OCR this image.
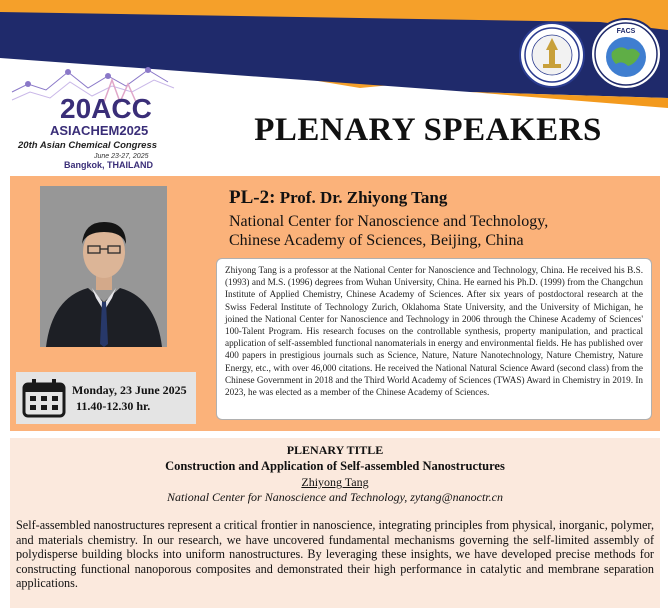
FACS
20ACC
ASIACHEM2025
20th Asian Chemical Congress
June 23-27, 2025
Bangkok, THAILAND
PLENARY SPEAKERS
Monday, 23 June 2025
11.40-12.30 hr.
PL-2: Prof. Dr. Zhiyong Tang
National Center for Nanoscience and Technology,
Chinese Academy of Sciences, Beijing, China
Zhiyong Tang is a professor at the National Center for Nanoscience and Technology, China. He received his B.S. (1993) and M.S. (1996) degrees from Wuhan University, China. He earned his Ph.D. (1999) from the Changchun Institute of Applied Chemistry, Chinese Academy of Sciences. After six years of postdoctoral research at the Swiss Federal Institute of Technology Zurich, Oklahoma State University, and the University of Michigan, he joined the National Center for Nanoscience and Technology in 2006 through the Chinese Academy of Sciences' 100-Talent Program. His research focuses on the controllable synthesis, property manipulation, and practical application of self-assembled functional nanomaterials in energy and environmental fields. He has published over 400 papers in prestigious journals such as Science, Nature, Nature Nanotechnology, Nature Chemistry, Nature Energy, etc., with over 46,000 citations. He received the National Natural Science Award (second class) from the Chinese Government in 2018 and the Third World Academy of Sciences (TWAS) Award in Chemistry in 2019. In 2023, he was elected as a member of the Chinese Academy of Sciences.
PLENARY TITLE
Construction and Application of Self-assembled Nanostructures
Zhiyong Tang
National Center for Nanoscience and Technology, zytang@nanoctr.cn
Self-assembled nanostructures represent a critical frontier in nanoscience, integrating principles from physical, inorganic, polymer, and materials chemistry. In our research, we have uncovered fundamental mechanisms governing the self-limited assembly of polydisperse building blocks into uniform nanostructures. By leveraging these insights, we have developed precise methods for constructing functional nanoporous composites and demonstrated their high performance in catalytic and membrane separation applications.
